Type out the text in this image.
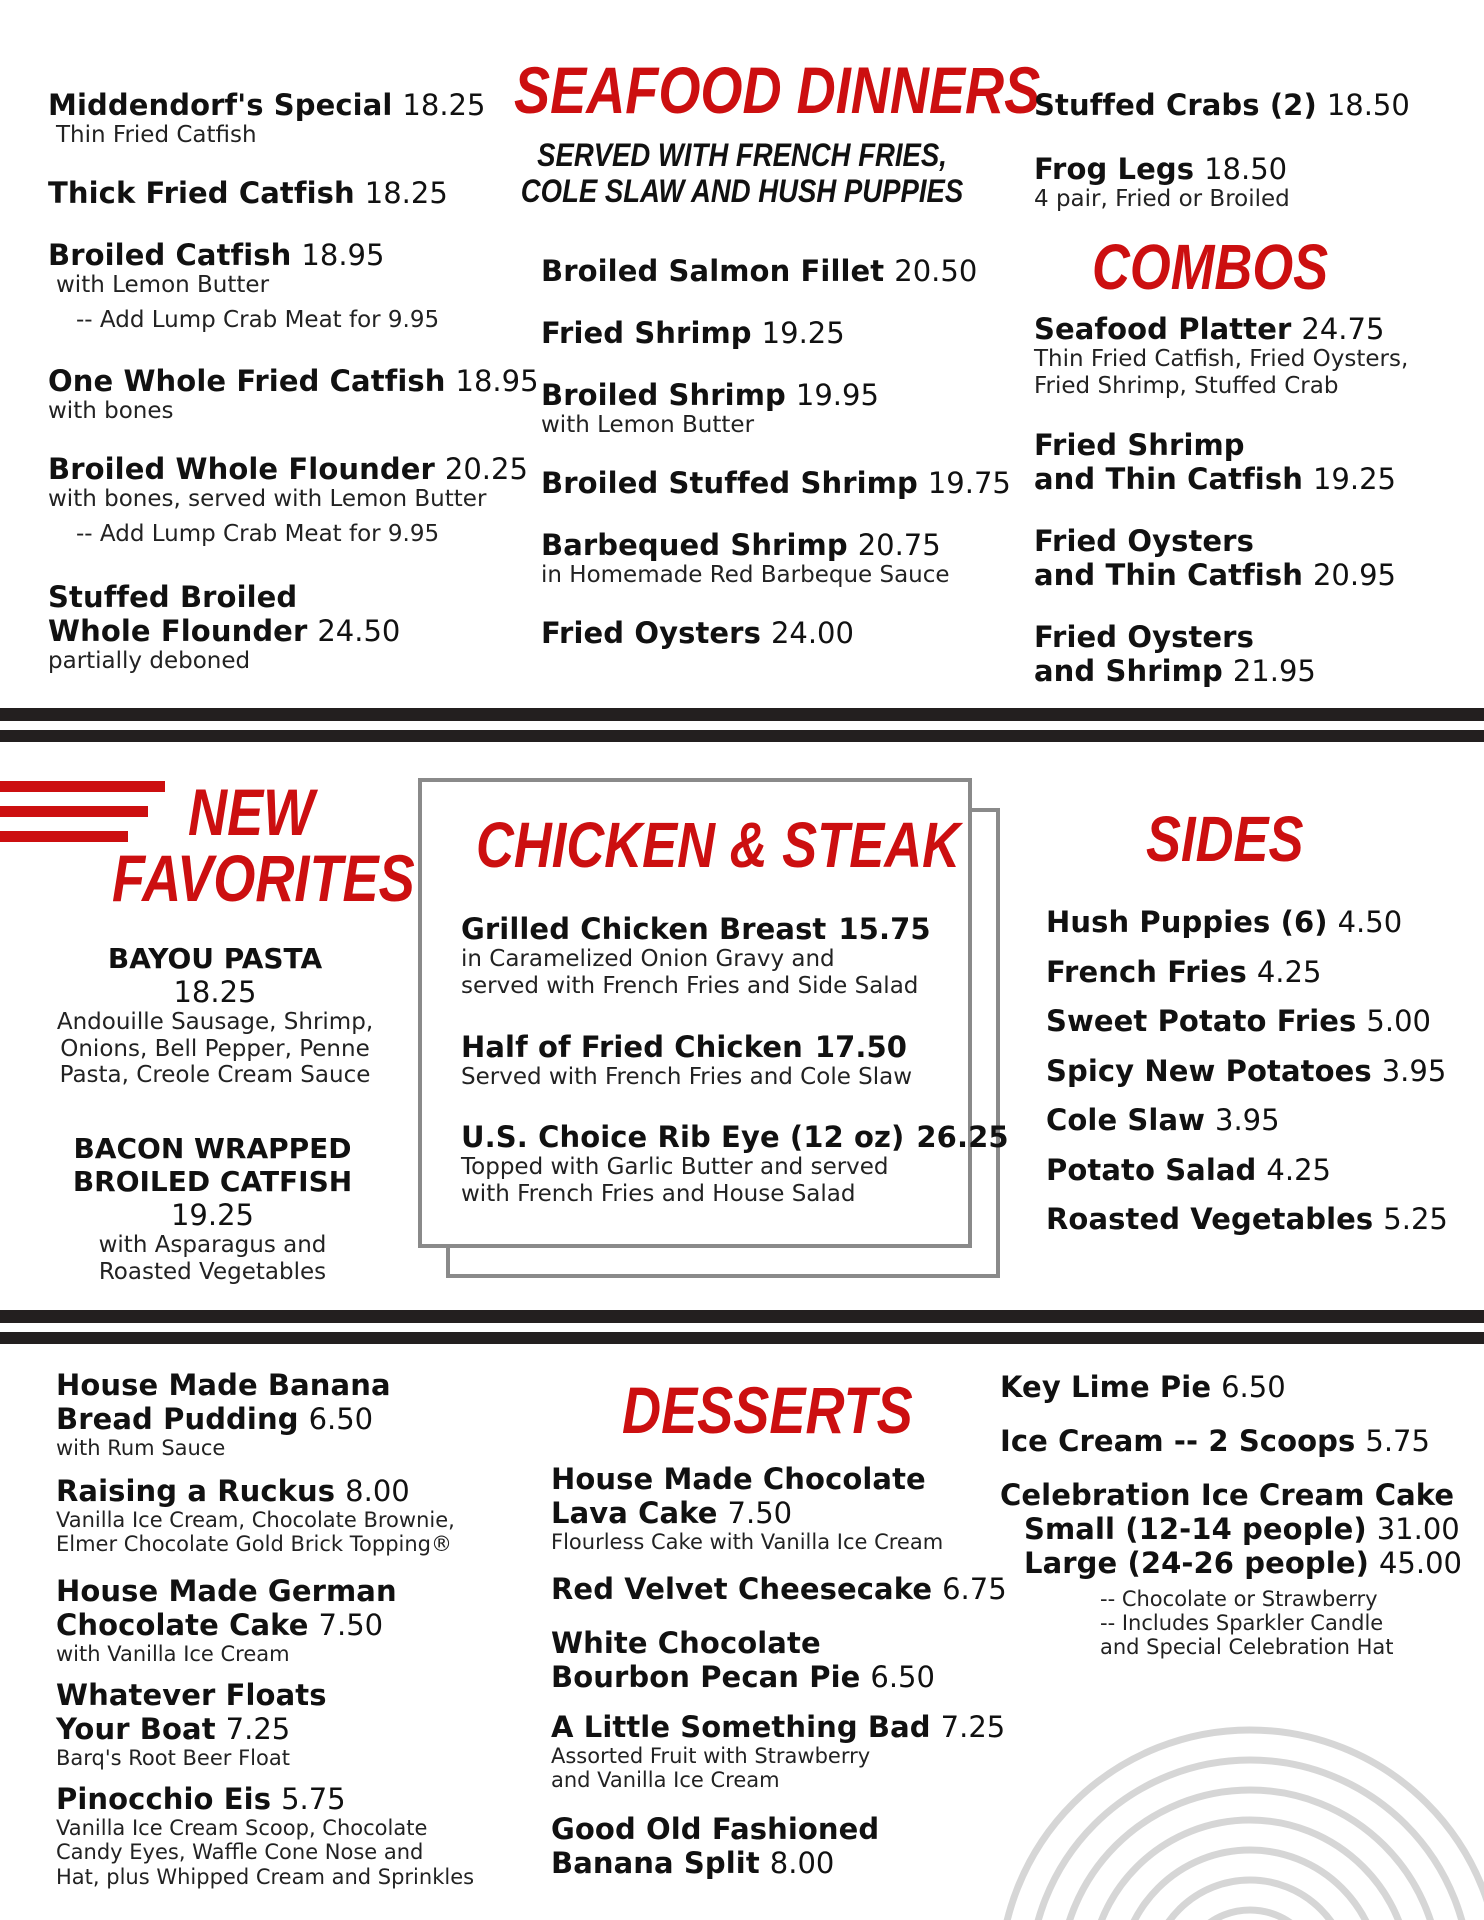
SEAFOOD DINNERS
SERVED WITH FRENCH FRIES,
COLE SLAW AND HUSH PUPPIES
Middendorf's Special 18.25
Thin Fried Catfish
Thick Fried Catfish 18.25
Broiled Catfish 18.95
with Lemon Butter
-- Add Lump Crab Meat for 9.95
One Whole Fried Catfish 18.95
with bones
Broiled Whole Flounder 20.25
with bones, served with Lemon Butter
-- Add Lump Crab Meat for 9.95
Stuffed Broiled
Whole Flounder 24.50
partially deboned
Broiled Salmon Fillet 20.50
Fried Shrimp 19.25
Broiled Shrimp 19.95
with Lemon Butter
Broiled Stuffed Shrimp 19.75
Barbequed Shrimp 20.75
in Homemade Red Barbeque Sauce
Fried Oysters 24.00
Stuffed Crabs (2) 18.50
Frog Legs 18.50
4 pair, Fried or Broiled
COMBOS
Seafood Platter 24.75
Thin Fried Catfish, Fried Oysters,
Fried Shrimp, Stuffed Crab
Fried Shrimp
and Thin Catfish 19.25
Fried Oysters
and Thin Catfish 20.95
Fried Oysters
and Shrimp 21.95
NEW
FAVORITES
BAYOU PASTA
18.25
Andouille Sausage, Shrimp,
Onions, Bell Pepper, Penne
Pasta, Creole Cream Sauce
BACON WRAPPED
BROILED CATFISH
19.25
with Asparagus and
Roasted Vegetables
CHICKEN & STEAK
Grilled Chicken Breast 15.75
in Caramelized Onion Gravy and
served with French Fries and Side Salad
Half of Fried Chicken 17.50
Served with French Fries and Cole Slaw
U.S. Choice Rib Eye (12 oz) 26.25
Topped with Garlic Butter and served
with French Fries and House Salad
SIDES
Hush Puppies (6) 4.50
French Fries 4.25
Sweet Potato Fries 5.00
Spicy New Potatoes 3.95
Cole Slaw 3.95
Potato Salad 4.25
Roasted Vegetables 5.25
DESSERTS
House Made Banana
Bread Pudding 6.50
with Rum Sauce
Raising a Ruckus 8.00
Vanilla Ice Cream, Chocolate Brownie,
Elmer Chocolate Gold Brick Topping®
House Made German
Chocolate Cake 7.50
with Vanilla Ice Cream
Whatever Floats
Your Boat 7.25
Barq's Root Beer Float
Pinocchio Eis 5.75
Vanilla Ice Cream Scoop, Chocolate
Candy Eyes, Waffle Cone Nose and
Hat, plus Whipped Cream and Sprinkles
House Made Chocolate
Lava Cake 7.50
Flourless Cake with Vanilla Ice Cream
Red Velvet Cheesecake 6.75
White Chocolate
Bourbon Pecan Pie 6.50
A Little Something Bad 7.25
Assorted Fruit with Strawberry
and Vanilla Ice Cream
Good Old Fashioned
Banana Split 8.00
Key Lime Pie 6.50
Ice Cream -- 2 Scoops 5.75
Celebration Ice Cream Cake
Small (12-14 people) 31.00
Large (24-26 people) 45.00
-- Chocolate or Strawberry
-- Includes Sparkler Candle
and Special Celebration Hat
